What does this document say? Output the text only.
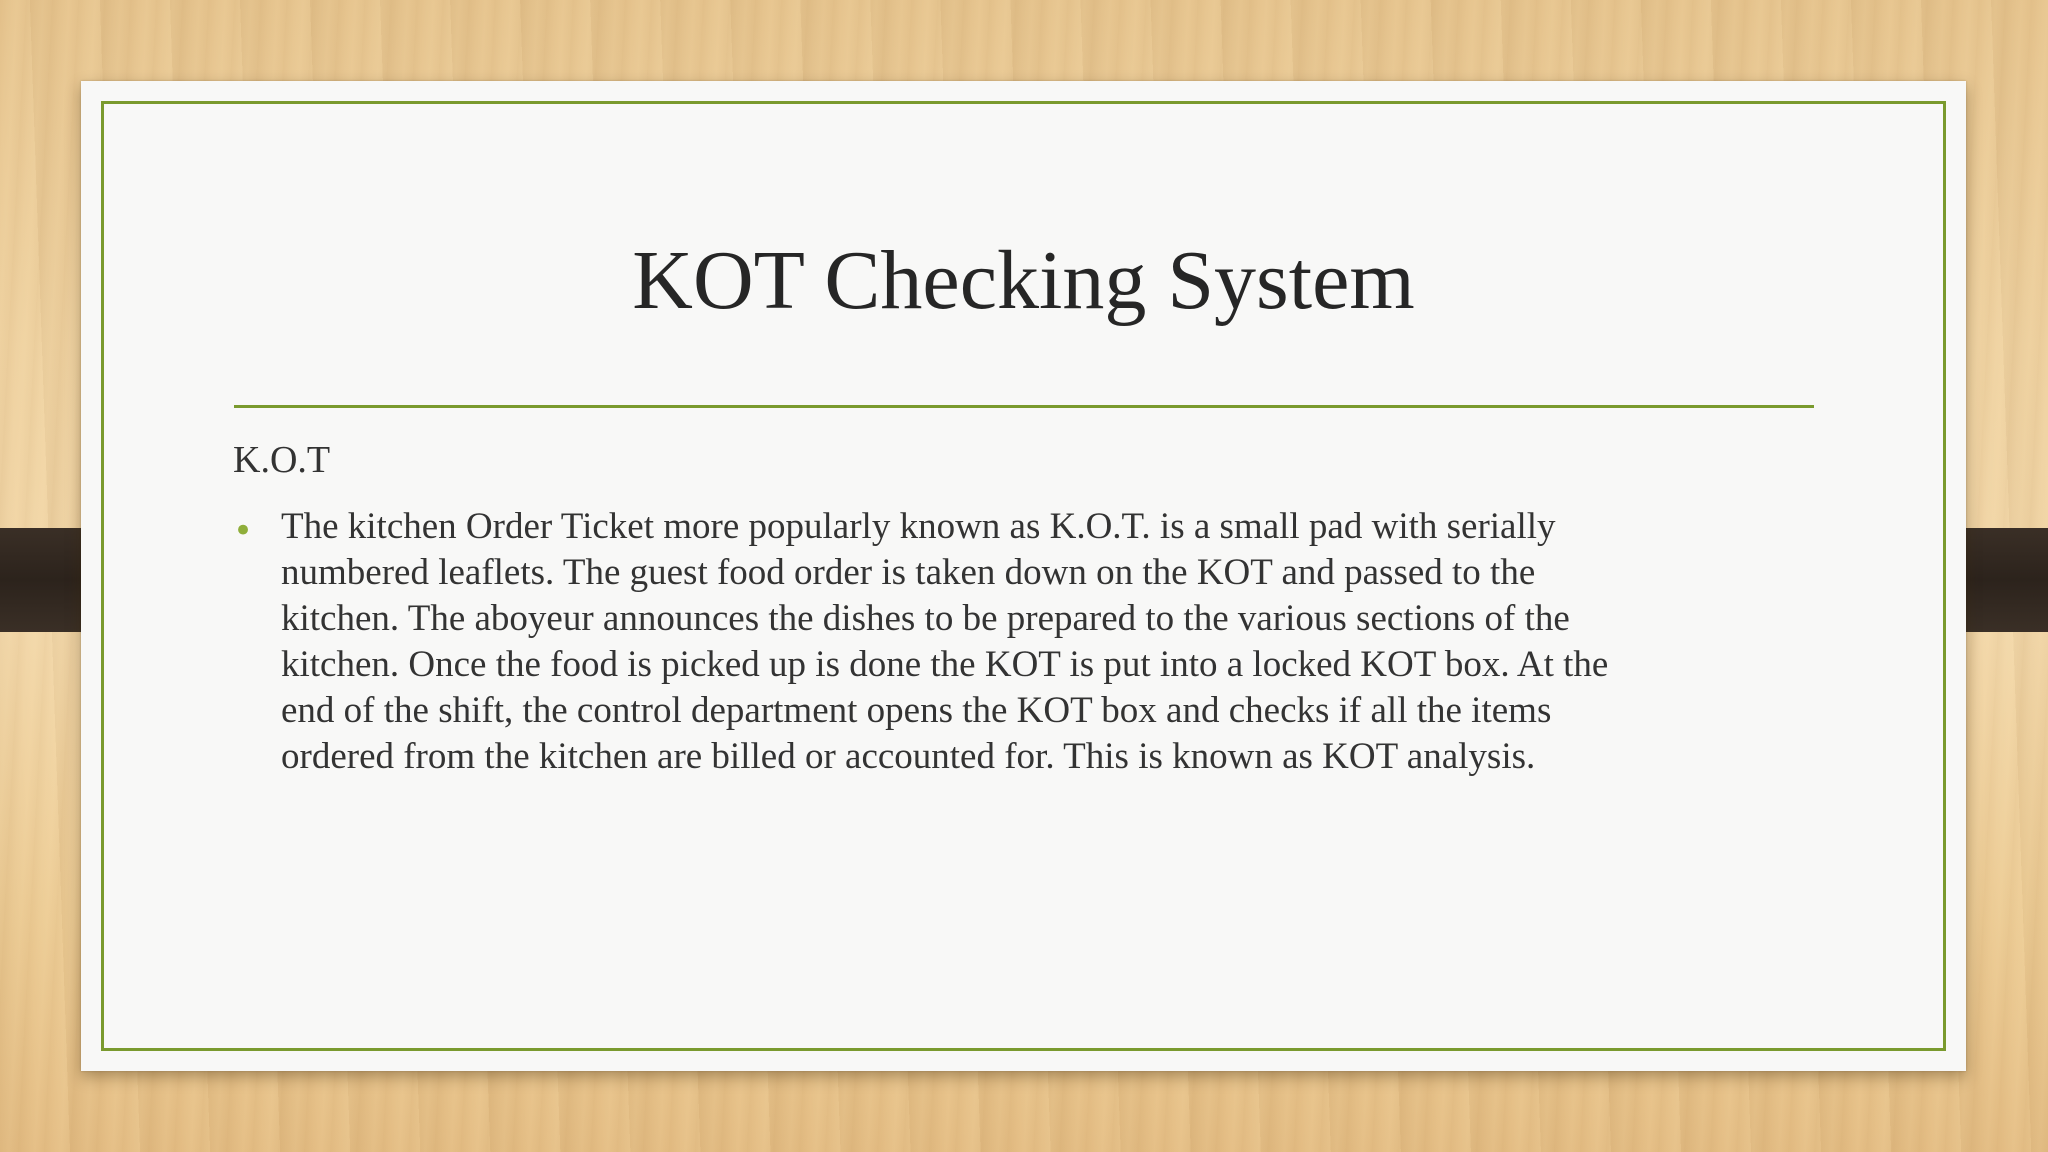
KOT Checking System
K.O.T
• The kitchen Order Ticket more popularly known as K.O.T. is a small pad with serially
numbered leaflets. The guest food order is taken down on the KOT and passed to the
kitchen. The aboyeur announces the dishes to be prepared to the various sections of the
kitchen. Once the food is picked up is done the KOT is put into a locked KOT box. At the
end of the shift, the control department opens the KOT box and checks if all the items
ordered from the kitchen are billed or accounted for. This is known as KOT analysis.
